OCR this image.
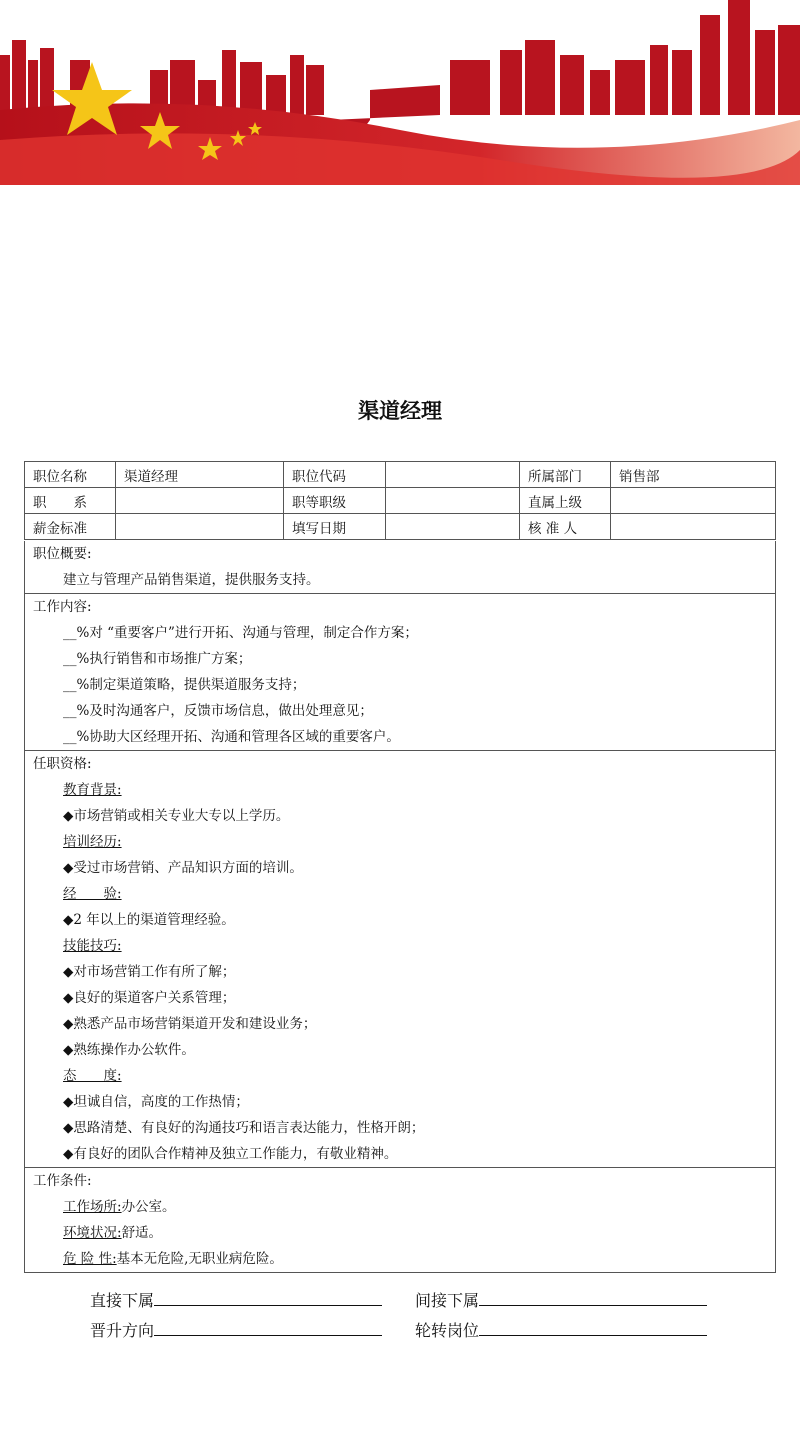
渠道经理
职位名称	渠道经理	职位代码		所属部门	销售部
职　　系		职等职级		直属上级	
薪金标准		填写日期		核 准 人	
职位概要:
建立与管理产品销售渠道，提供服务支持。
工作内容:
__%对 “重要客户”进行开拓、沟通与管理，制定合作方案；
__%执行销售和市场推广方案；
__%制定渠道策略，提供渠道服务支持；
__%及时沟通客户，反馈市场信息，做出处理意见；
__%协助大区经理开拓、沟通和管理各区域的重要客户。
任职资格:
教育背景:
◆市场营销或相关专业大专以上学历。
培训经历:
◆受过市场营销、产品知识方面的培训。
经　　验:
◆2 年以上的渠道管理经验。
技能技巧:
◆对市场营销工作有所了解；
◆良好的渠道客户关系管理；
◆熟悉产品市场营销渠道开发和建设业务；
◆熟练操作办公软件。
态　　度:
◆坦诚自信，高度的工作热情；
◆思路清楚、有良好的沟通技巧和语言表达能力，性格开朗；
◆有良好的团队合作精神及独立工作能力，有敬业精神。
工作条件:
工作场所:办公室。
环境状况:舒适。
危 险 性:基本无危险,无职业病危险。
直接下属	间接下属
晋升方向	轮转岗位
